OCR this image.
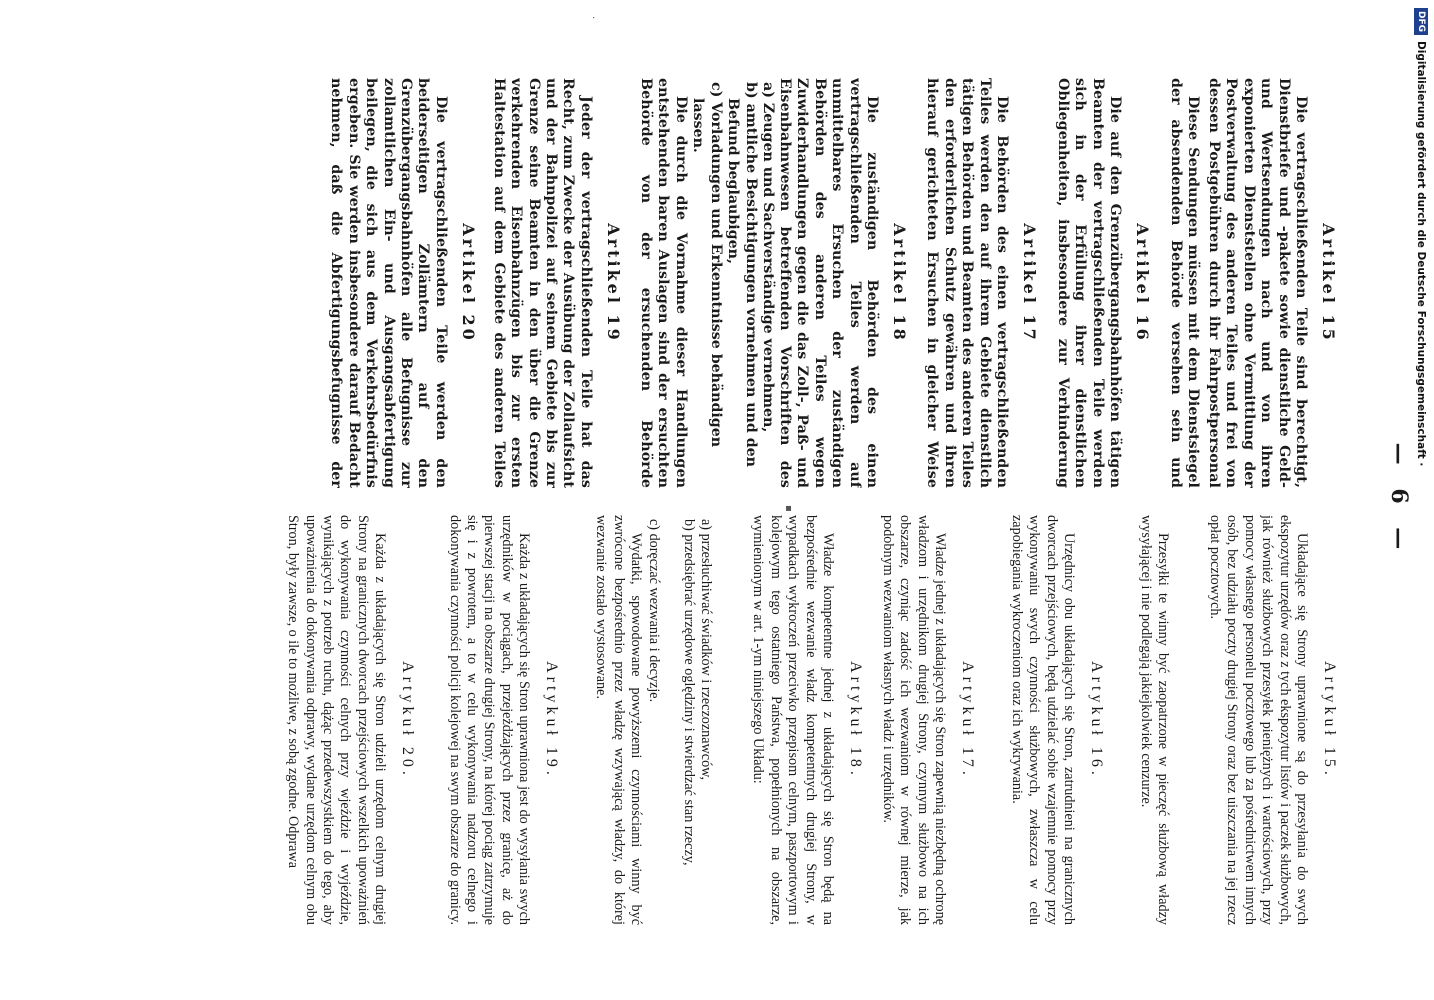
— 6 —
Artikel 15

Die vertragschließenden Teile sind berechtigt, Dienstbriefe und -pakete sowie dienstliche Geld- und Wertsendungen nach und von ihren exponierten Dienststellen ohne Vermittlung der Postverwaltung des anderen Teiles und frei von dessen Postgebühren durch ihr Fahrpostpersonal

Diese Sendungen müssen mit dem Dienstsiegel der absendenden Behörde versehen sein und

Artikel 16

Die auf den Grenzübergangsbahnhöfen tätigen Beamten der vertragschließenden Teile werden sich in der Erfüllung ihrer dienstlichen Obliegenheiten, insbesondere zur Verhinderung

Artikel 17

Die Behörden des einen vertragschließenden Teiles werden den auf ihrem Gebiete dienstlich tätigen Behörden und Beamten des anderen Teiles den erforderlichen Schutz gewähren und ihren hierauf gerichteten Ersuchen in gleicher Weise

Artikel 18

Die zuständigen Behörden des einen vertragschließenden Teiles werden auf unmittelbares Ersuchen der zuständigen Behörden des anderen Teiles wegen Zuwiderhandlungen gegen die das Zoll-, Paß- und Eisenbahnwesen betreffenden Vorschriften des

a) Zeugen und Sachverständige vernehmen,
b) amtliche Besichtigungen vornehmen und den Befund beglaubigen,
c) Vorladungen und Erkenntnisse behändigen lassen.

Die durch die Vornahme dieser Handlungen entstehenden baren Auslagen sind der ersuchten Behörde von der ersuchenden Behörde

Artikel 19

Jeder der vertragschließenden Teile hat das Recht, zum Zwecke der Ausübung der Zollaufsicht und der Bahnpolizei auf seinem Gebiete bis zur Grenze seine Beamten in den über die Grenze verkehrenden Eisenbahnzügen bis zur ersten Haltestation auf dem Gebiete des anderen Teiles

Artikel 20

Die vertragschließenden Teile werden den beiderseitigen Zollämtern auf den Grenzübergangsbahnhöfen alle Befugnisse zur zollamtlichen Ein- und Ausgangsabfertigung beilegen, die sich aus dem Verkehrsbedürfnis ergeben. Sie werden insbesondere darauf Bedacht nehmen, daß die Abfertigungsbefugnisse der

Artykuł 15.

Układające się Strony uprawnione są do przesyłania do swych ekspozytur urzędów oraz z tych ekspozytur listów i paczek służbowych, jak również służbowych przesyłek pieniężnych i wartościowych, przy pomocy własnego personelu pocztowego lub za pośrednictwem innych osób, bez udziału poczty drugiej Strony oraz bez uiszczania na jej rzecz opłat pocztowych.

Przesyłki te winny być zaopatrzone w pieczęć służbową władzy wysyłającej i nie podlegają jakiejkolwiek cenzurze.

Artykuł 16.

Urzędnicy obu układających się Stron, zatrudnieni na granicznych dworcach przejściowych, będą udzielać sobie wzajemnie pomocy przy wykonywaniu swych czynności służbowych, zwłaszcza w celu zapobiegania wykroczeniom oraz ich wykrywania.

Artykuł 17.

Władze jednej z układających się Stron zapewnią niezbędną ochronę władzom i urzędnikom drugiej Strony, czynnym służbowo na ich obszarze, czyniąc zadość ich wezwaniom w równej mierze, jak podobnym wezwaniom własnych władz i urzędników.

Artykuł 18.

Władze kompetentne jednej z układających się Stron będą na bezpośrednie wezwanie władz kompetentnych drugiej Strony, w wypadkach wykroczeń przeciwko przepisom celnym, paszportowym i kolejowym tego ostatniego Państwa, popełnionych na obszarze, wymienionym w art. 1-ym niniejszego Układu:

a) przesłuchiwać świadków i rzeczoznawców,
b) przedsiębrać urzędowe oględziny i stwierdzać stan rzeczy,
c) doręczać wezwania i decyzje.

Wydatki, spowodowane powyższemi czynnościami winny być zwrócone bezpośrednio przez władzę wzywającą władzy, do której wezwanie zostało wystosowane.

Artykuł 19.

Każda z układających się Stron uprawniona jest do wysyłania swych urzędników w pociągach, przejeżdżających przez granicę, aż do pierwszej stacji na obszarze drugiej Strony, na której pociąg zatrzymuje się i z powrotem, a to w celu wykonywania nadzoru celnego i dokonywania czynności policji kolejowej na swym obszarze do granicy.

Artykuł 20.

Każda z układających się Stron udzieli urzędom celnym drugiej Strony na granicznych dworcach przejściowych wszelkich upoważnień do wykonywania czynności celnych przy wjeździe i wyjeździe, wynikających z potrzeb ruchu, dążąc przedewszystkiem do tego, aby upoważnienia do dokonywania odprawy, wydane urzędom celnym obu Stron, były zawsze, o ile to możliwe, z sobą zgodne. Odprawa

▪
·	DFG
Digitalisierung gefördert durch die Deutsche Forschungsgemeinschaft ·
